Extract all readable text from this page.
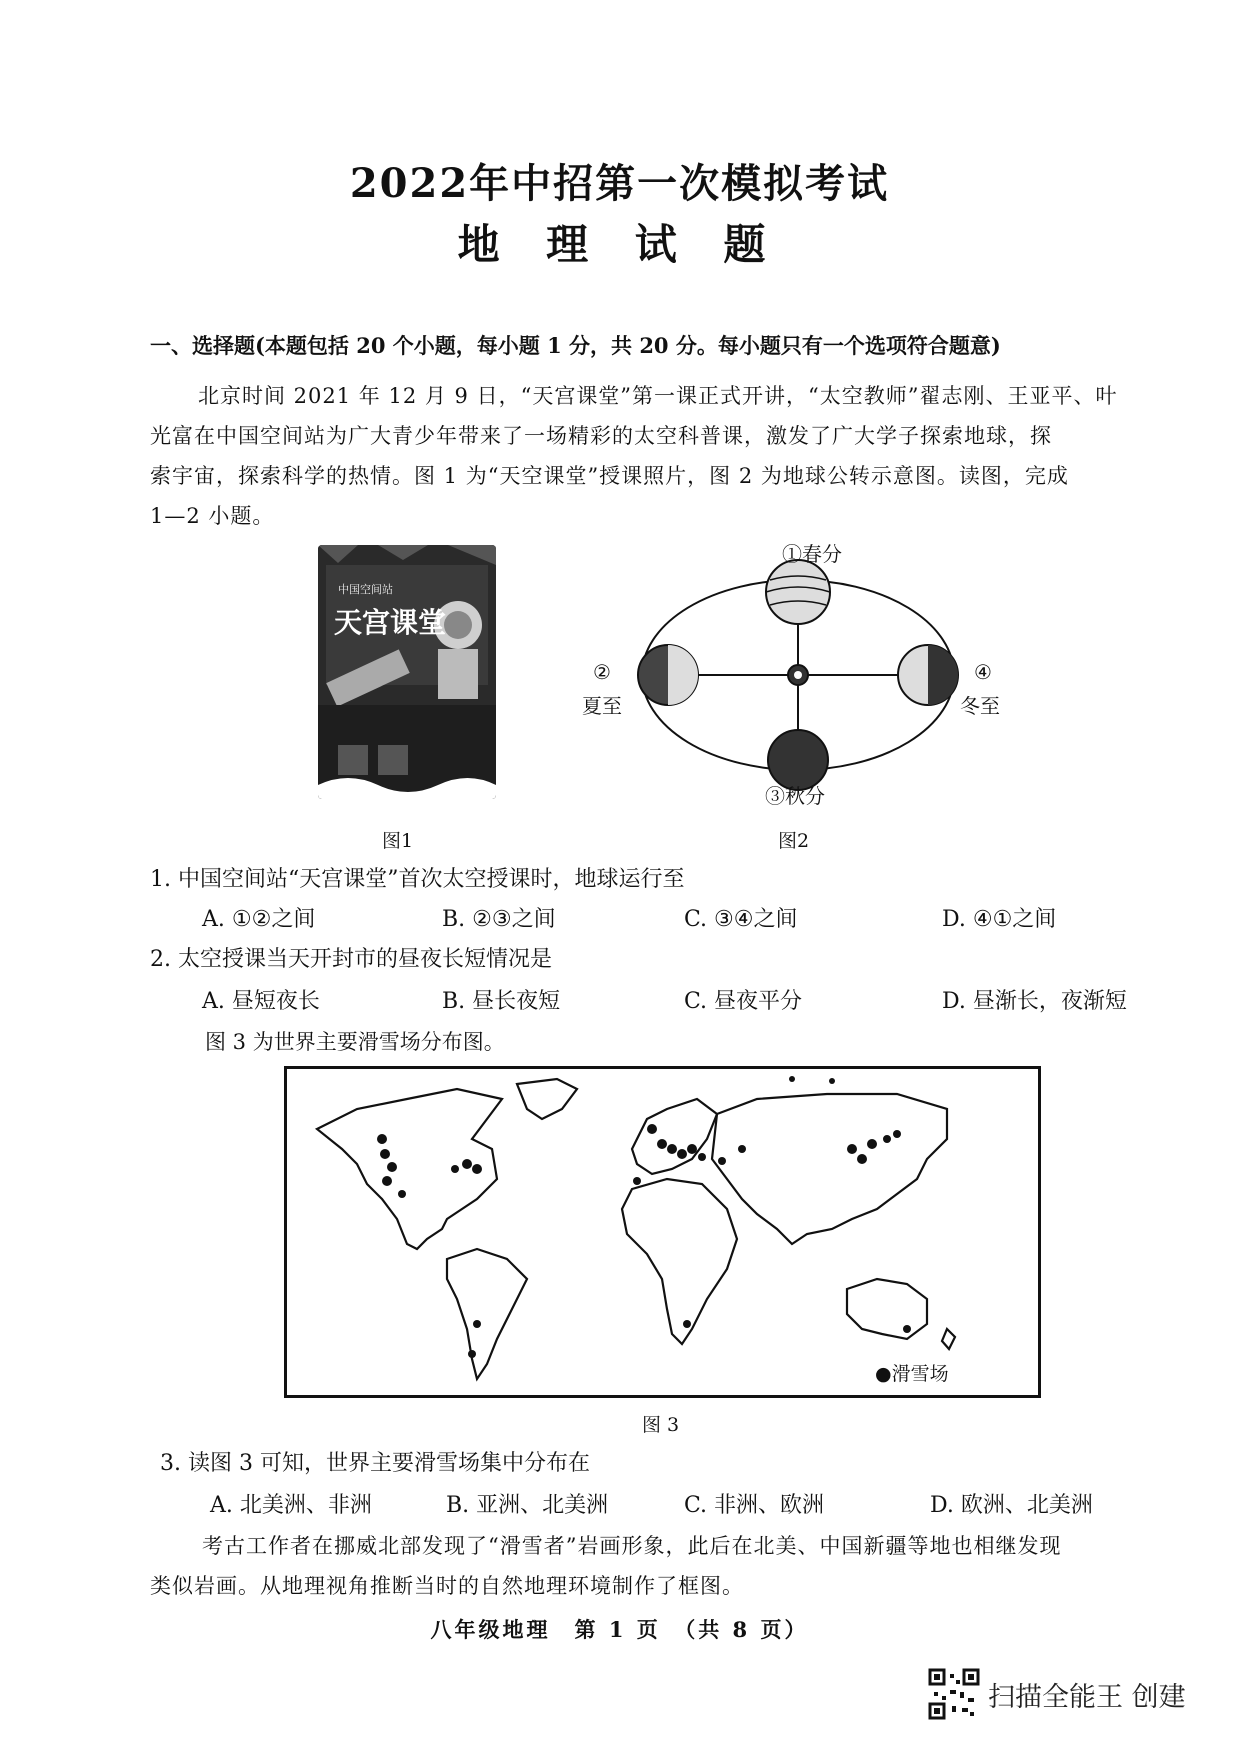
2022年中招第一次模拟考试
地 理 试 题
一、选择题(本题包括 20 个小题，每小题 1 分，共 20 分。每小题只有一个选项符合题意)
北京时间 2021 年 12 月 9 日，“天宫课堂”第一课正式开讲，“太空教师”翟志刚、王亚平、叶
光富在中国空间站为广大青少年带来了一场精彩的太空科普课，激发了广大学子探索地球，探
索宇宙，探索科学的热情。图 1 为“天空课堂”授课照片，图 2 为地球公转示意图。读图，完成
1—2 小题。
中国空间站
天宫课堂
图1
①春分
②
夏至
③秋分
④
冬至
图2
1. 中国空间站“天宫课堂”首次太空授课时，地球运行至
A. ①②之间	B. ②③之间	C. ③④之间	D. ④①之间
2. 太空授课当天开封市的昼夜长短情况是
A. 昼短夜长	B. 昼长夜短	C. 昼夜平分	D. 昼渐长，夜渐短
图 3 为世界主要滑雪场分布图。
●滑雪场
图 3
3. 读图 3 可知，世界主要滑雪场集中分布在
A. 北美洲、非洲	B. 亚洲、北美洲	C. 非洲、欧洲	D. 欧洲、北美洲
考古工作者在挪威北部发现了“滑雪者”岩画形象，此后在北美、中国新疆等地也相继发现
类似岩画。从地理视角推断当时的自然地理环境制作了框图。
八年级地理　第 1 页　（共 8 页）
扫描全能王 创建
